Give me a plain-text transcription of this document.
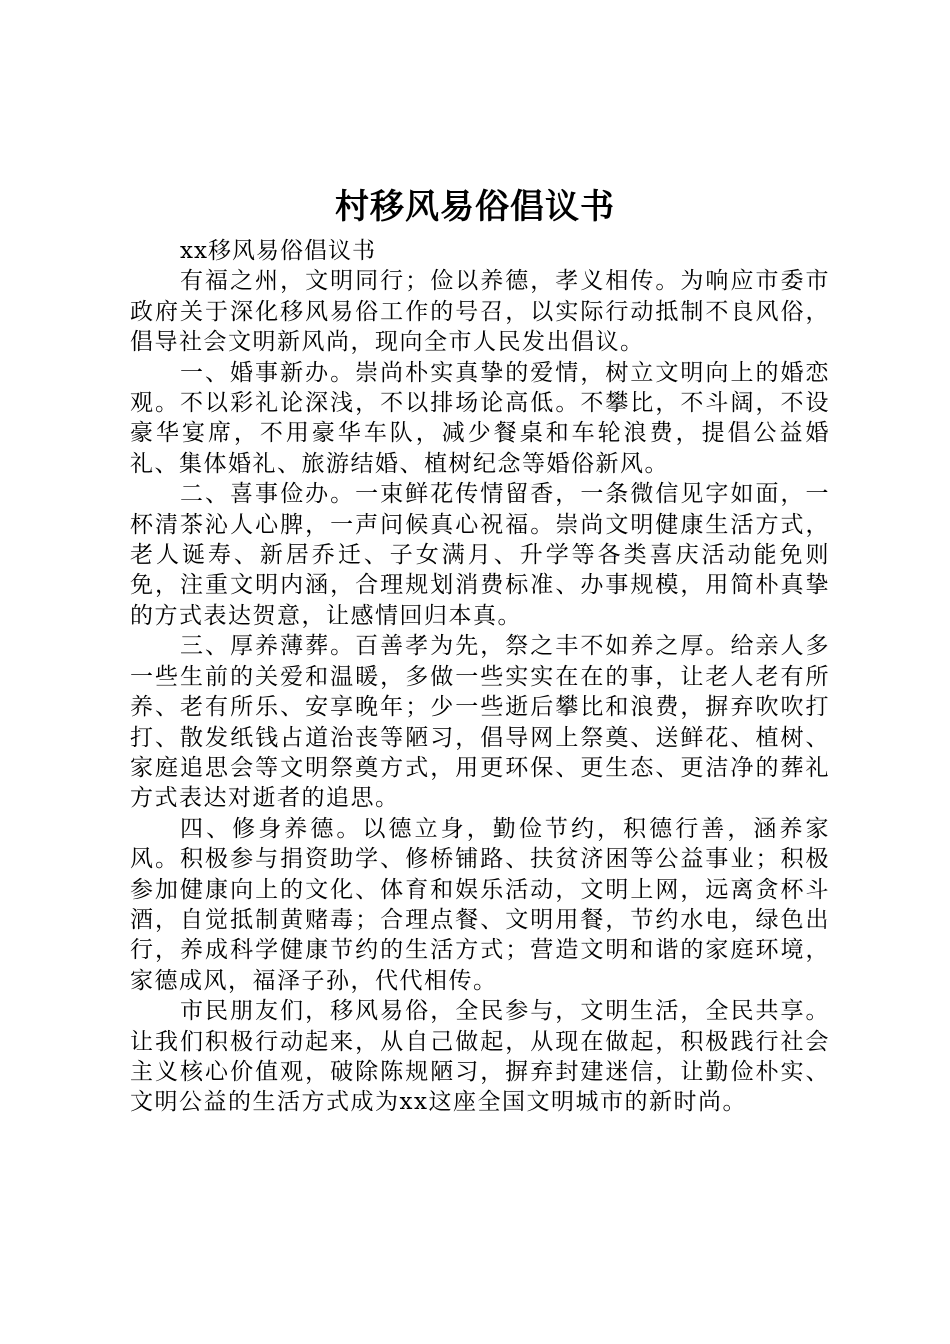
村移风易俗倡议书

xx移风易俗倡议书

有福之州，文明同行；俭以养德，孝义相传。为响应市委市政府关于深化移风易俗工作的号召，以实际行动抵制不良风俗，倡导社会文明新风尚，现向全市人民发出倡议。

一、婚事新办。崇尚朴实真挚的爱情，树立文明向上的婚恋观。不以彩礼论深浅，不以排场论高低。不攀比，不斗阔，不设豪华宴席，不用豪华车队，减少餐桌和车轮浪费，提倡公益婚礼、集体婚礼、旅游结婚、植树纪念等婚俗新风。

二、喜事俭办。一束鲜花传情留香，一条微信见字如面，一杯清茶沁人心脾，一声问候真心祝福。崇尚文明健康生活方式，老人诞寿、新居乔迁、子女满月、升学等各类喜庆活动能免则免，注重文明内涵，合理规划消费标准、办事规模，用简朴真挚的方式表达贺意，让感情回归本真。

三、厚养薄葬。百善孝为先，祭之丰不如养之厚。给亲人多一些生前的关爱和温暖，多做一些实实在在的事，让老人老有所养、老有所乐、安享晚年；少一些逝后攀比和浪费，摒弃吹吹打打、散发纸钱占道治丧等陋习，倡导网上祭奠、送鲜花、植树、家庭追思会等文明祭奠方式，用更环保、更生态、更洁净的葬礼方式表达对逝者的追思。

四、修身养德。以德立身，勤俭节约，积德行善，涵养家风。积极参与捐资助学、修桥铺路、扶贫济困等公益事业；积极参加健康向上的文化、体育和娱乐活动，文明上网，远离贪杯斗酒，自觉抵制黄赌毒；合理点餐、文明用餐，节约水电，绿色出行，养成科学健康节约的生活方式；营造文明和谐的家庭环境，家德成风，福泽子孙，代代相传。

市民朋友们，移风易俗，全民参与，文明生活，全民共享。让我们积极行动起来，从自己做起，从现在做起，积极践行社会主义核心价值观，破除陈规陋习，摒弃封建迷信，让勤俭朴实、文明公益的生活方式成为xx这座全国文明城市的新时尚。
